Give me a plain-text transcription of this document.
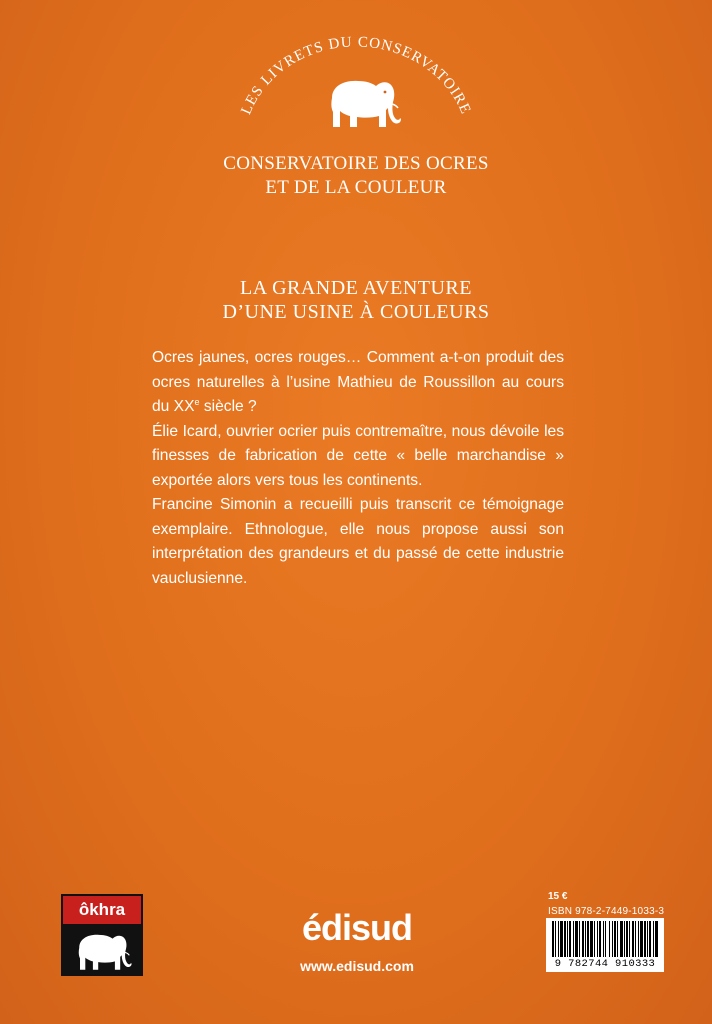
LES LIVRETS DU CONSERVATOIRE
CONSERVATOIRE DES OCRES
ET DE LA COULEUR
LA GRANDE AVENTURE
D’UNE USINE À COULEURS

Ocres jaunes, ocres rouges… Comment a-t-on produit des ocres naturelles à l’usine Mathieu de Roussillon au cours du XXe siècle ?

Élie Icard, ouvrier ocrier puis contremaître, nous dévoile les finesses de fabrication de cette « belle marchandise » exportée alors vers tous les continents.

Francine Simonin a recueilli puis transcrit ce témoignage exemplaire. Ethnologue, elle nous propose aussi son interprétation des grandeurs et du passé de cette industrie vauclusienne.

ôkhra	édisud
www.edisud.com
15 €
ISBN 978-2-7449-1033-3
9 782744 910333
